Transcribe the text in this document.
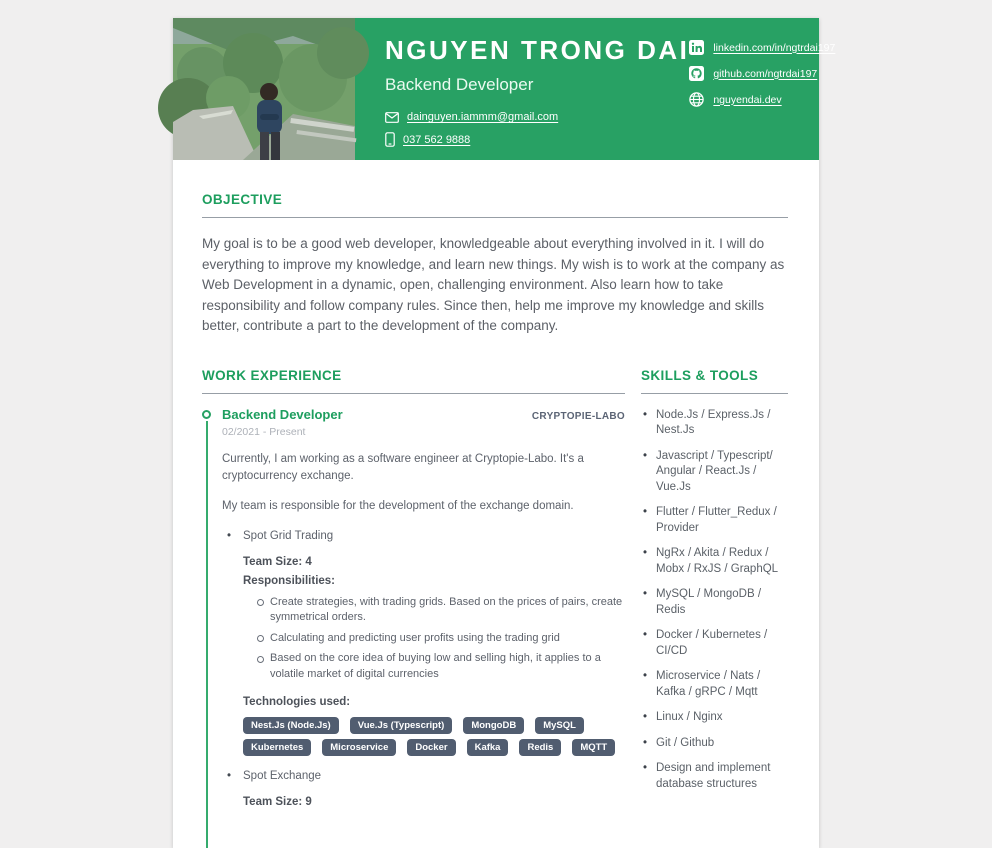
NGUYEN TRONG DAI
Backend Developer
dainguyen.iammm@gmail.com
037 562 9888
linkedin.com/in/ngtrdai197
github.com/ngtrdai197
nguyendai.dev
OBJECTIVE

My goal is to be a good web developer, knowledgeable about everything involved in it. I will do everything to improve my knowledge, and learn new things. My wish is to work at the company as Web Development in a dynamic, open, challenging environment. Also learn how to take responsibility and follow company rules. Since then, help me improve my knowledge and skills better, contribute a part to the development of the company.

WORK EXPERIENCE
Backend Developer	CRYPTOPIE-LABO
02/2021 - Present

Currently, I am working as a software engineer at Cryptopie-Labo. It's a cryptocurrency exchange.

My team is responsible for the development of the exchange domain.

• Spot Grid Trading
Team Size: 4
Responsibilities:
Create strategies, with trading grids. Based on the prices of pairs, create symmetrical orders.
Calculating and predicting user profits using the trading grid
Based on the core idea of buying low and selling high, it applies to a volatile market of digital currencies
Technologies used:
Nest.Js (Node.Js)	Vue.Js (Typescript)	MongoDB	MySQL
Kubernetes	Microservice	Docker	Kafka	Redis	MQTT
• Spot Exchange
Team Size: 9
SKILLS & TOOLS
• Node.Js / Express.Js / Nest.Js
• Javascript / Typescript/ Angular / React.Js / Vue.Js
• Flutter / Flutter_Redux / Provider
• NgRx / Akita / Redux / Mobx / RxJS / GraphQL
• MySQL / MongoDB / Redis
• Docker / Kubernetes / CI/CD
• Microservice / Nats / Kafka / gRPC / Mqtt
• Linux / Nginx
• Git / Github
• Design and implement database structures
